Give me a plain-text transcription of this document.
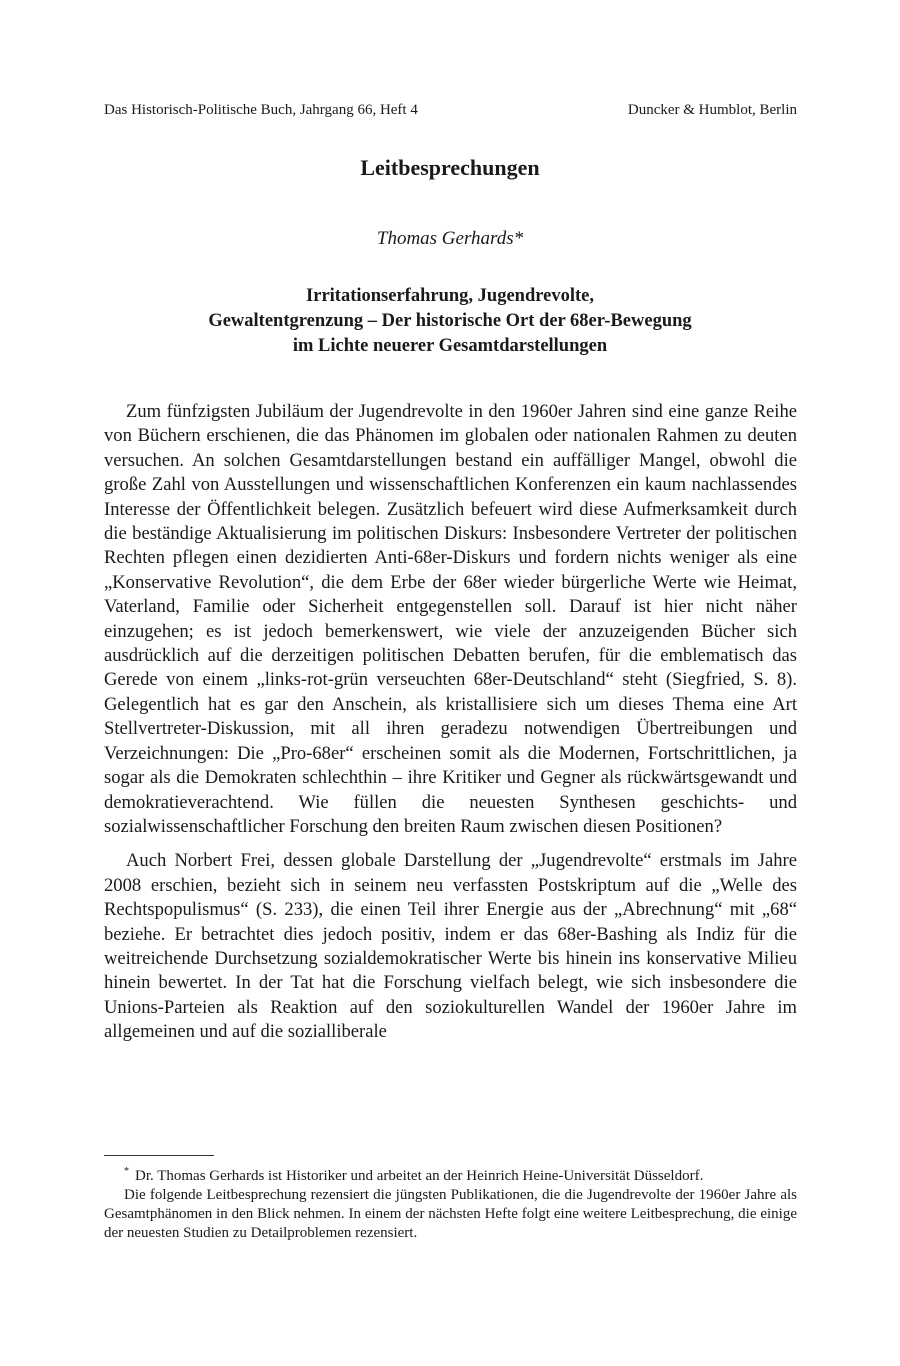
Das Historisch-Politische Buch, Jahrgang 66, Heft 4	Duncker & Humblot, Berlin
Leitbesprechungen
Thomas Gerhards*
Irritationserfahrung, Jugendrevolte,
Gewaltentgrenzung – Der historische Ort der 68er-Bewegung
im Lichte neuerer Gesamtdarstellungen

Zum fünfzigsten Jubiläum der Jugendrevolte in den 1960er Jahren sind eine ganze Reihe von Büchern erschienen, die das Phänomen im globalen oder nationalen Rahmen zu deuten versuchen. An solchen Gesamtdarstellungen bestand ein auffälliger Mangel, obwohl die große Zahl von Ausstellungen und wissenschaftlichen Konferenzen ein kaum nachlassendes Interesse der Öffentlichkeit belegen. Zusätzlich befeuert wird diese Aufmerksamkeit durch die beständige Aktualisierung im politischen Diskurs: Insbesondere Vertreter der politischen Rechten pflegen einen dezidierten Anti-68er-Diskurs und fordern nichts weniger als eine „Konservative Revolution“, die dem Erbe der 68er wieder bürgerliche Werte wie Heimat, Vaterland, Familie oder Sicherheit entgegenstellen soll. Darauf ist hier nicht näher einzugehen; es ist jedoch bemerkenswert, wie viele der anzuzeigenden Bücher sich ausdrücklich auf die derzeitigen politischen Debatten berufen, für die emblematisch das Gerede von einem „links-rot-grün verseuchten 68er-Deutschland“ steht (Siegfried, S. 8). Gelegentlich hat es gar den Anschein, als kristallisiere sich um dieses Thema eine Art Stellvertreter-Diskussion, mit all ihren geradezu notwendigen Übertreibungen und Verzeichnungen: Die „Pro-68er“ erscheinen somit als die Modernen, Fortschrittlichen, ja sogar als die Demokraten schlechthin – ihre Kritiker und Gegner als rückwärtsgewandt und demokratieverachtend. Wie füllen die neuesten Synthesen geschichts- und sozialwissenschaftlicher Forschung den breiten Raum zwischen diesen Positionen?

Auch Norbert Frei, dessen globale Darstellung der „Jugendrevolte“ erstmals im Jahre 2008 erschien, bezieht sich in seinem neu verfassten Postskriptum auf die „Welle des Rechtspopulismus“ (S. 233), die einen Teil ihrer Energie aus der „Abrechnung“ mit „68“ beziehe. Er betrachtet dies jedoch positiv, indem er das 68er-Bashing als Indiz für die weitreichende Durchsetzung sozialdemokratischer Werte bis hinein ins konservative Milieu hinein bewertet. In der Tat hat die Forschung vielfach belegt, wie sich insbesondere die Unions-Parteien als Reaktion auf den soziokulturellen Wandel der 1960er Jahre im allgemeinen und auf die sozialliberale

* Dr. Thomas Gerhards ist Historiker und arbeitet an der Heinrich Heine-Universität Düsseldorf.

Die folgende Leitbesprechung rezensiert die jüngsten Publikationen, die die Jugendrevolte der 1960er Jahre als Gesamtphänomen in den Blick nehmen. In einem der nächsten Hefte folgt eine weitere Leitbesprechung, die einige der neuesten Studien zu Detailproblemen rezensiert.
